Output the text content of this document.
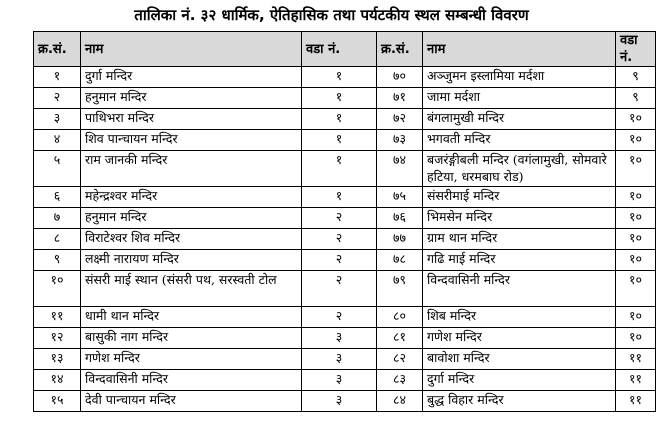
तालिका नं. ३२ धार्मिक, ऐतिहासिक तथा पर्यटकीय स्थल सम्बन्धी विवरण
क्र.सं.	नाम	वडा नं.	क्र.सं.	नाम	वडा नं.
१	दुर्गा मन्दिर	१	७०	अञ्जुमन इस्लामिया मर्दशा	९
२	हनुमान मन्दिर	१	७१	जामा मर्दशा	९
३	पाथिभरा मन्दिर	१	७२	बंगलामुखी मन्दिर	१०
४	शिव पान्चायन मन्दिर	१	७३	भगवती मन्दिर	१०
५	राम जानकी मन्दिर	१	७४	बजरंङ्गीबली मन्दिर (वगंलामुखी, सोमवारे हटिया, धरमबाघ रोड)	१०
६	महेन्द्रश्वर मन्दिर	१	७५	संसरीमाई मन्दिर	१०
७	हनुमान मन्दिर	२	७६	भिमसेन मन्दिर	१०
८	विराटेश्वर शिव मन्दिर	२	७७	ग्राम थान मन्दिर	१०
९	लक्ष्मी नारायण मन्दिर	२	७८	गढि माई मन्दिर	१०
१०	संसरी माई स्थान (संसरी पथ, सरस्वती टोल	२	७९	विन्दवासिनी मन्दिर	१०
११	धामी थान मन्दिर	२	८०	शिब मन्दिर	१०
१२	बासुकी नाग मन्दिर	३	८१	गणेश मन्दिर	१०
१३	गणेश मन्दिर	३	८२	बावोशा मन्दिर	११
१४	विन्दवासिनी मन्दिर	३	८३	दुर्गा मन्दिर	११
१५	देवी पान्चायन मन्दिर	३	८४	बुद्ध विहार मन्दिर	११
